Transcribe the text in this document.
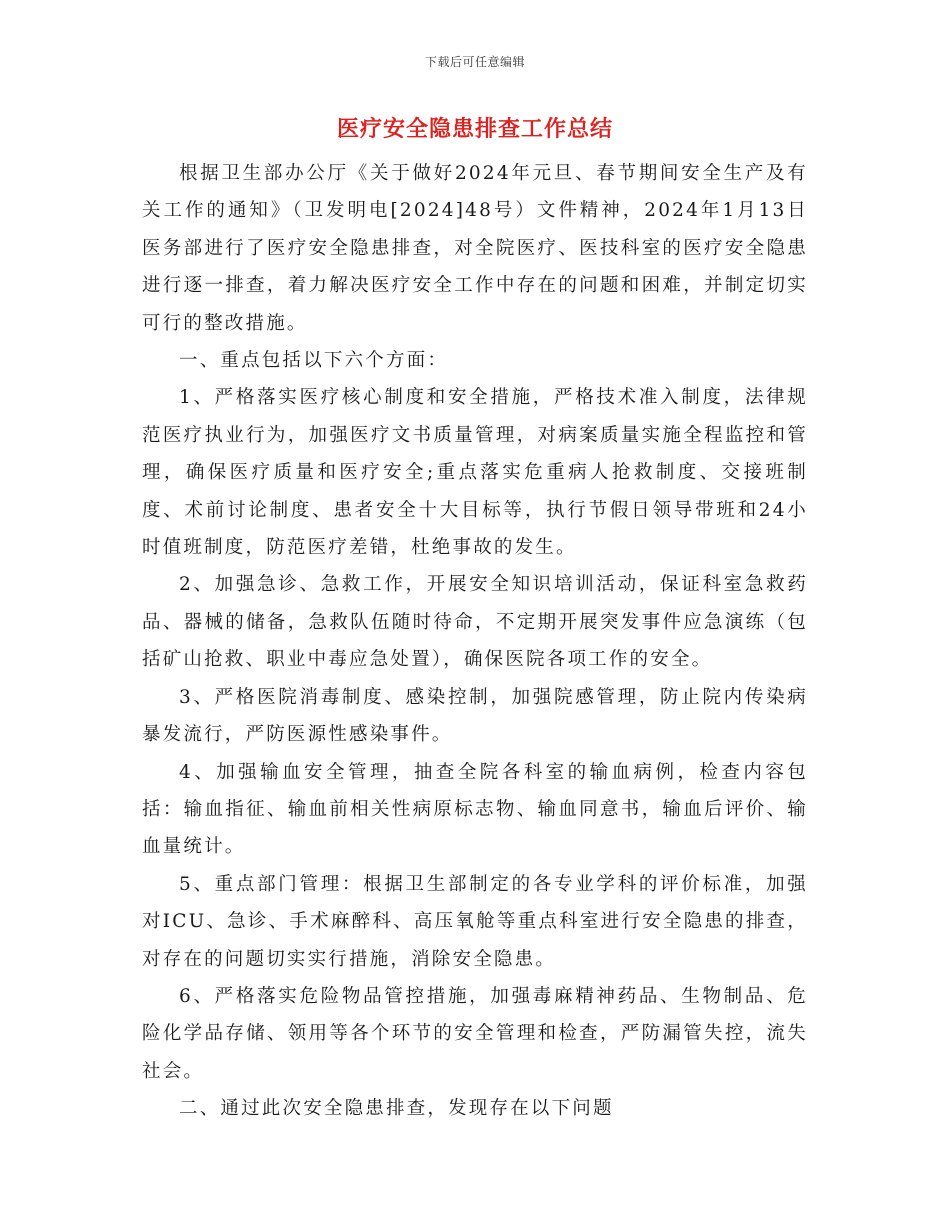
下载后可任意编辑
医疗安全隐患排查工作总结

根据卫生部办公厅《关于做好2024年元旦、春节期间安全生产及有关工作的通知》（卫发明电[2024]48号）文件精神，2024年1月13日医务部进行了医疗安全隐患排查，对全院医疗、医技科室的医疗安全隐患进行逐一排查，着力解决医疗安全工作中存在的问题和困难，并制定切实可行的整改措施。

一、重点包括以下六个方面：

1、严格落实医疗核心制度和安全措施，严格技术准入制度，法律规范医疗执业行为，加强医疗文书质量管理，对病案质量实施全程监控和管理，确保医疗质量和医疗安全;重点落实危重病人抢救制度、交接班制度、术前讨论制度、患者安全十大目标等，执行节假日领导带班和24小时值班制度，防范医疗差错，杜绝事故的发生。

2、加强急诊、急救工作，开展安全知识培训活动，保证科室急救药品、器械的储备，急救队伍随时待命，不定期开展突发事件应急演练（包括矿山抢救、职业中毒应急处置），确保医院各项工作的安全。

3、严格医院消毒制度、感染控制，加强院感管理，防止院内传染病暴发流行，严防医源性感染事件。

4、加强输血安全管理，抽查全院各科室的输血病例，检查内容包括：输血指征、输血前相关性病原标志物、输血同意书，输血后评价、输血量统计。

5、重点部门管理：根据卫生部制定的各专业学科的评价标准，加强对ICU、急诊、手术麻醉科、高压氧舱等重点科室进行安全隐患的排查，对存在的问题切实实行措施，消除安全隐患。

6、严格落实危险物品管控措施，加强毒麻精神药品、生物制品、危险化学品存储、领用等各个环节的安全管理和检查，严防漏管失控，流失社会。

二、通过此次安全隐患排查，发现存在以下问题
